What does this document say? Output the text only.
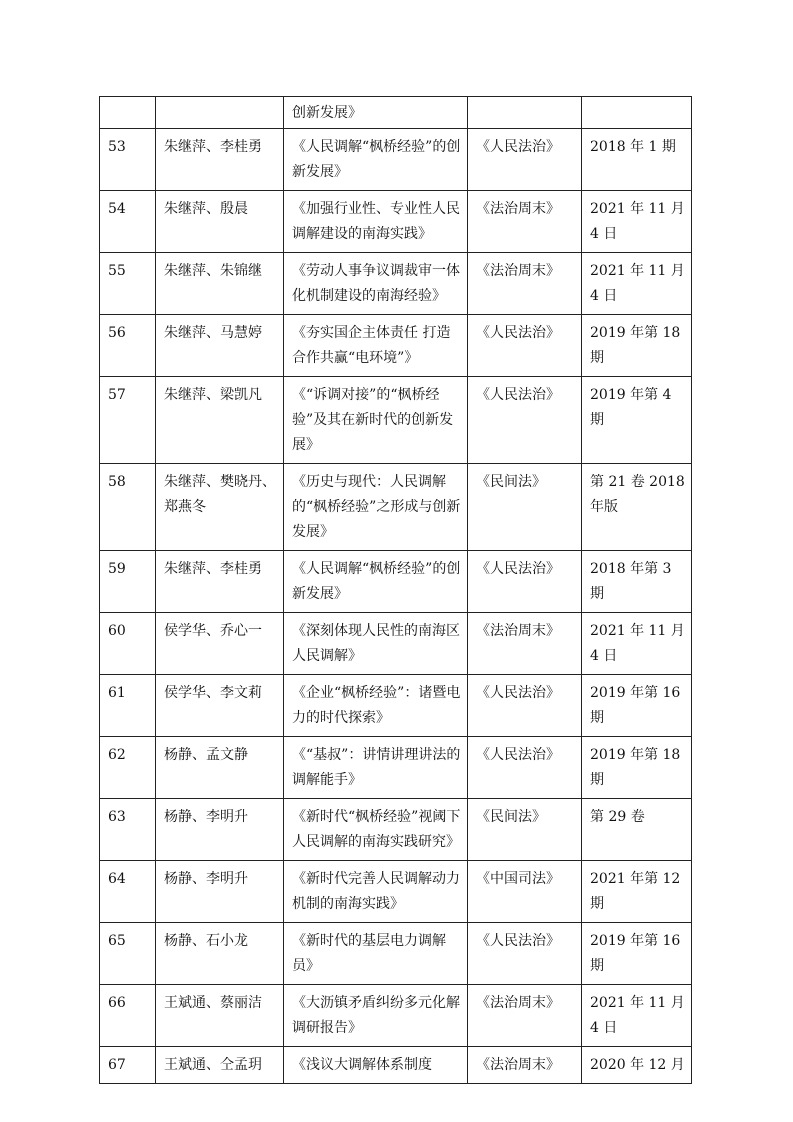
		创新发展》		
53	朱继萍、李桂勇	《人民调解“枫桥经验”的创新发展》	《人民法治》	2018 年 1 期
54	朱继萍、殷晨	《加强行业性、专业性人民调解建设的南海实践》	《法治周末》	2021 年 11 月 4 日
55	朱继萍、朱锦继	《劳动人事争议调裁审一体化机制建设的南海经验》	《法治周末》	2021 年 11 月 4 日
56	朱继萍、马慧婷	《夯实国企主体责任 打造合作共赢“电环境”》	《人民法治》	2019 年第 18 期
57	朱继萍、梁凯凡	《“诉调对接”的“枫桥经验”及其在新时代的创新发展》	《人民法治》	2019 年第 4 期
58	朱继萍、樊晓丹、郑燕冬	《历史与现代：人民调解的“枫桥经验”之形成与创新发展》	《民间法》	第 21 卷 2018 年版
59	朱继萍、李桂勇	《人民调解“枫桥经验”的创新发展》	《人民法治》	2018 年第 3 期
60	侯学华、乔心一	《深刻体现人民性的南海区人民调解》	《法治周末》	2021 年 11 月 4 日
61	侯学华、李文莉	《企业“枫桥经验”：诸暨电力的时代探索》	《人民法治》	2019 年第 16 期
62	杨静、孟文静	《“基叔”：讲情讲理讲法的调解能手》	《人民法治》	2019 年第 18 期
63	杨静、李明升	《新时代“枫桥经验”视阈下人民调解的南海实践研究》	《民间法》	第 29 卷
64	杨静、李明升	《新时代完善人民调解动力机制的南海实践》	《中国司法》	2021 年第 12 期
65	杨静、石小龙	《新时代的基层电力调解员》	《人民法治》	2019 年第 16 期
66	王斌通、蔡丽洁	《大沥镇矛盾纠纷多元化解调研报告》	《法治周末》	2021 年 11 月 4 日
67	王斌通、仝孟玥	《浅议大调解体系制度	《法治周末》	2020 年 12 月
